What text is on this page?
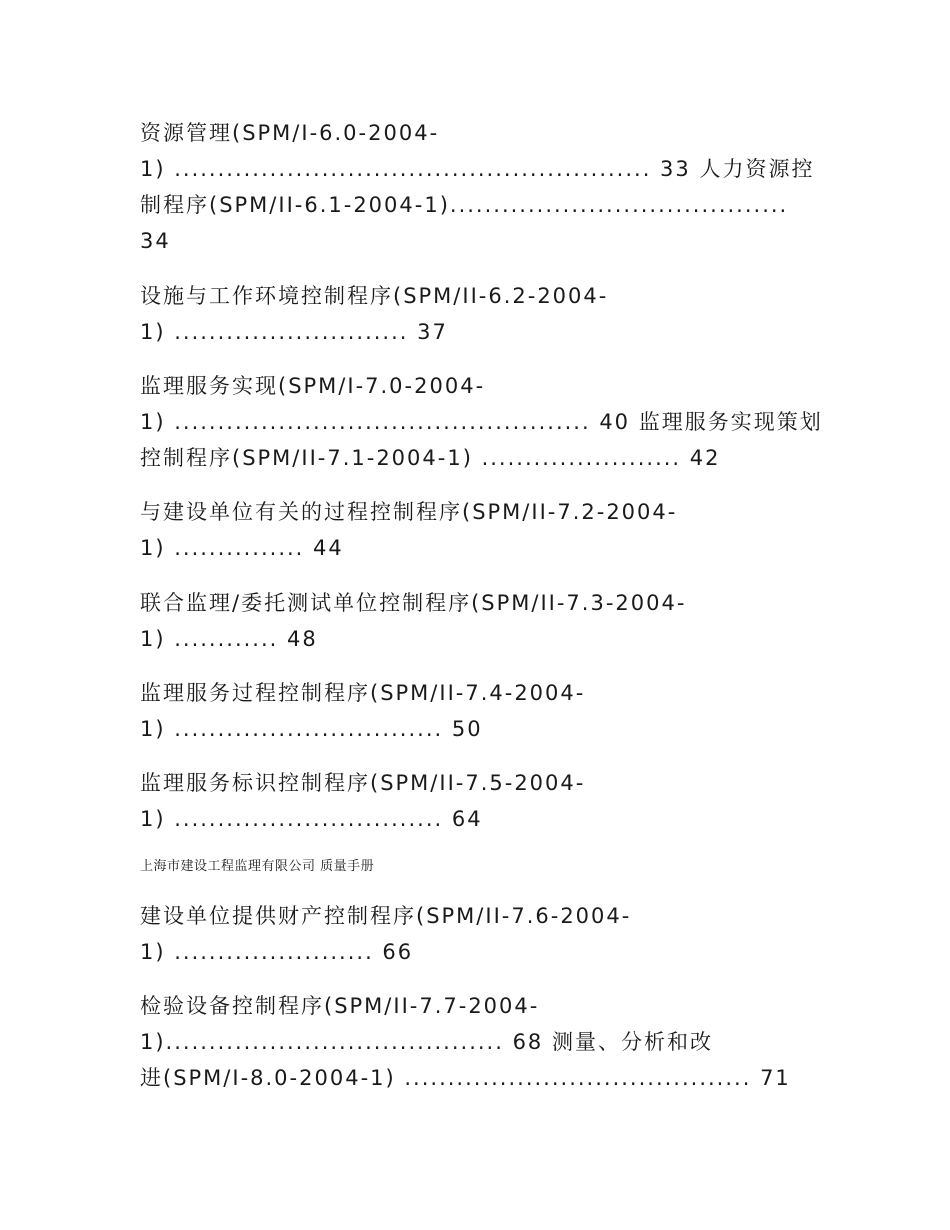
资源管理(SPM/I-6.0-2004-
1) ....................................................... 33 人力资源控
制程序(SPM/II-6.1-2004-1).......................................
34
设施与工作环境控制程序(SPM/II-6.2-2004-
1) ........................... 37
监理服务实现(SPM/I-7.0-2004-
1) ................................................ 40 监理服务实现策划
控制程序(SPM/II-7.1-2004-1) ....................... 42
与建设单位有关的过程控制程序(SPM/II-7.2-2004-
1) ............... 44
联合监理/委托测试单位控制程序(SPM/II-7.3-2004-
1) ............ 48
监理服务过程控制程序(SPM/II-7.4-2004-
1) ............................... 50
监理服务标识控制程序(SPM/II-7.5-2004-
1) ............................... 64
上海市建设工程监理有限公司 质量手册
建设单位提供财产控制程序(SPM/II-7.6-2004-
1) ....................... 66
检验设备控制程序(SPM/II-7.7-2004-
1)....................................... 68 测量、分析和改
进(SPM/I-8.0-2004-1) ........................................ 71
